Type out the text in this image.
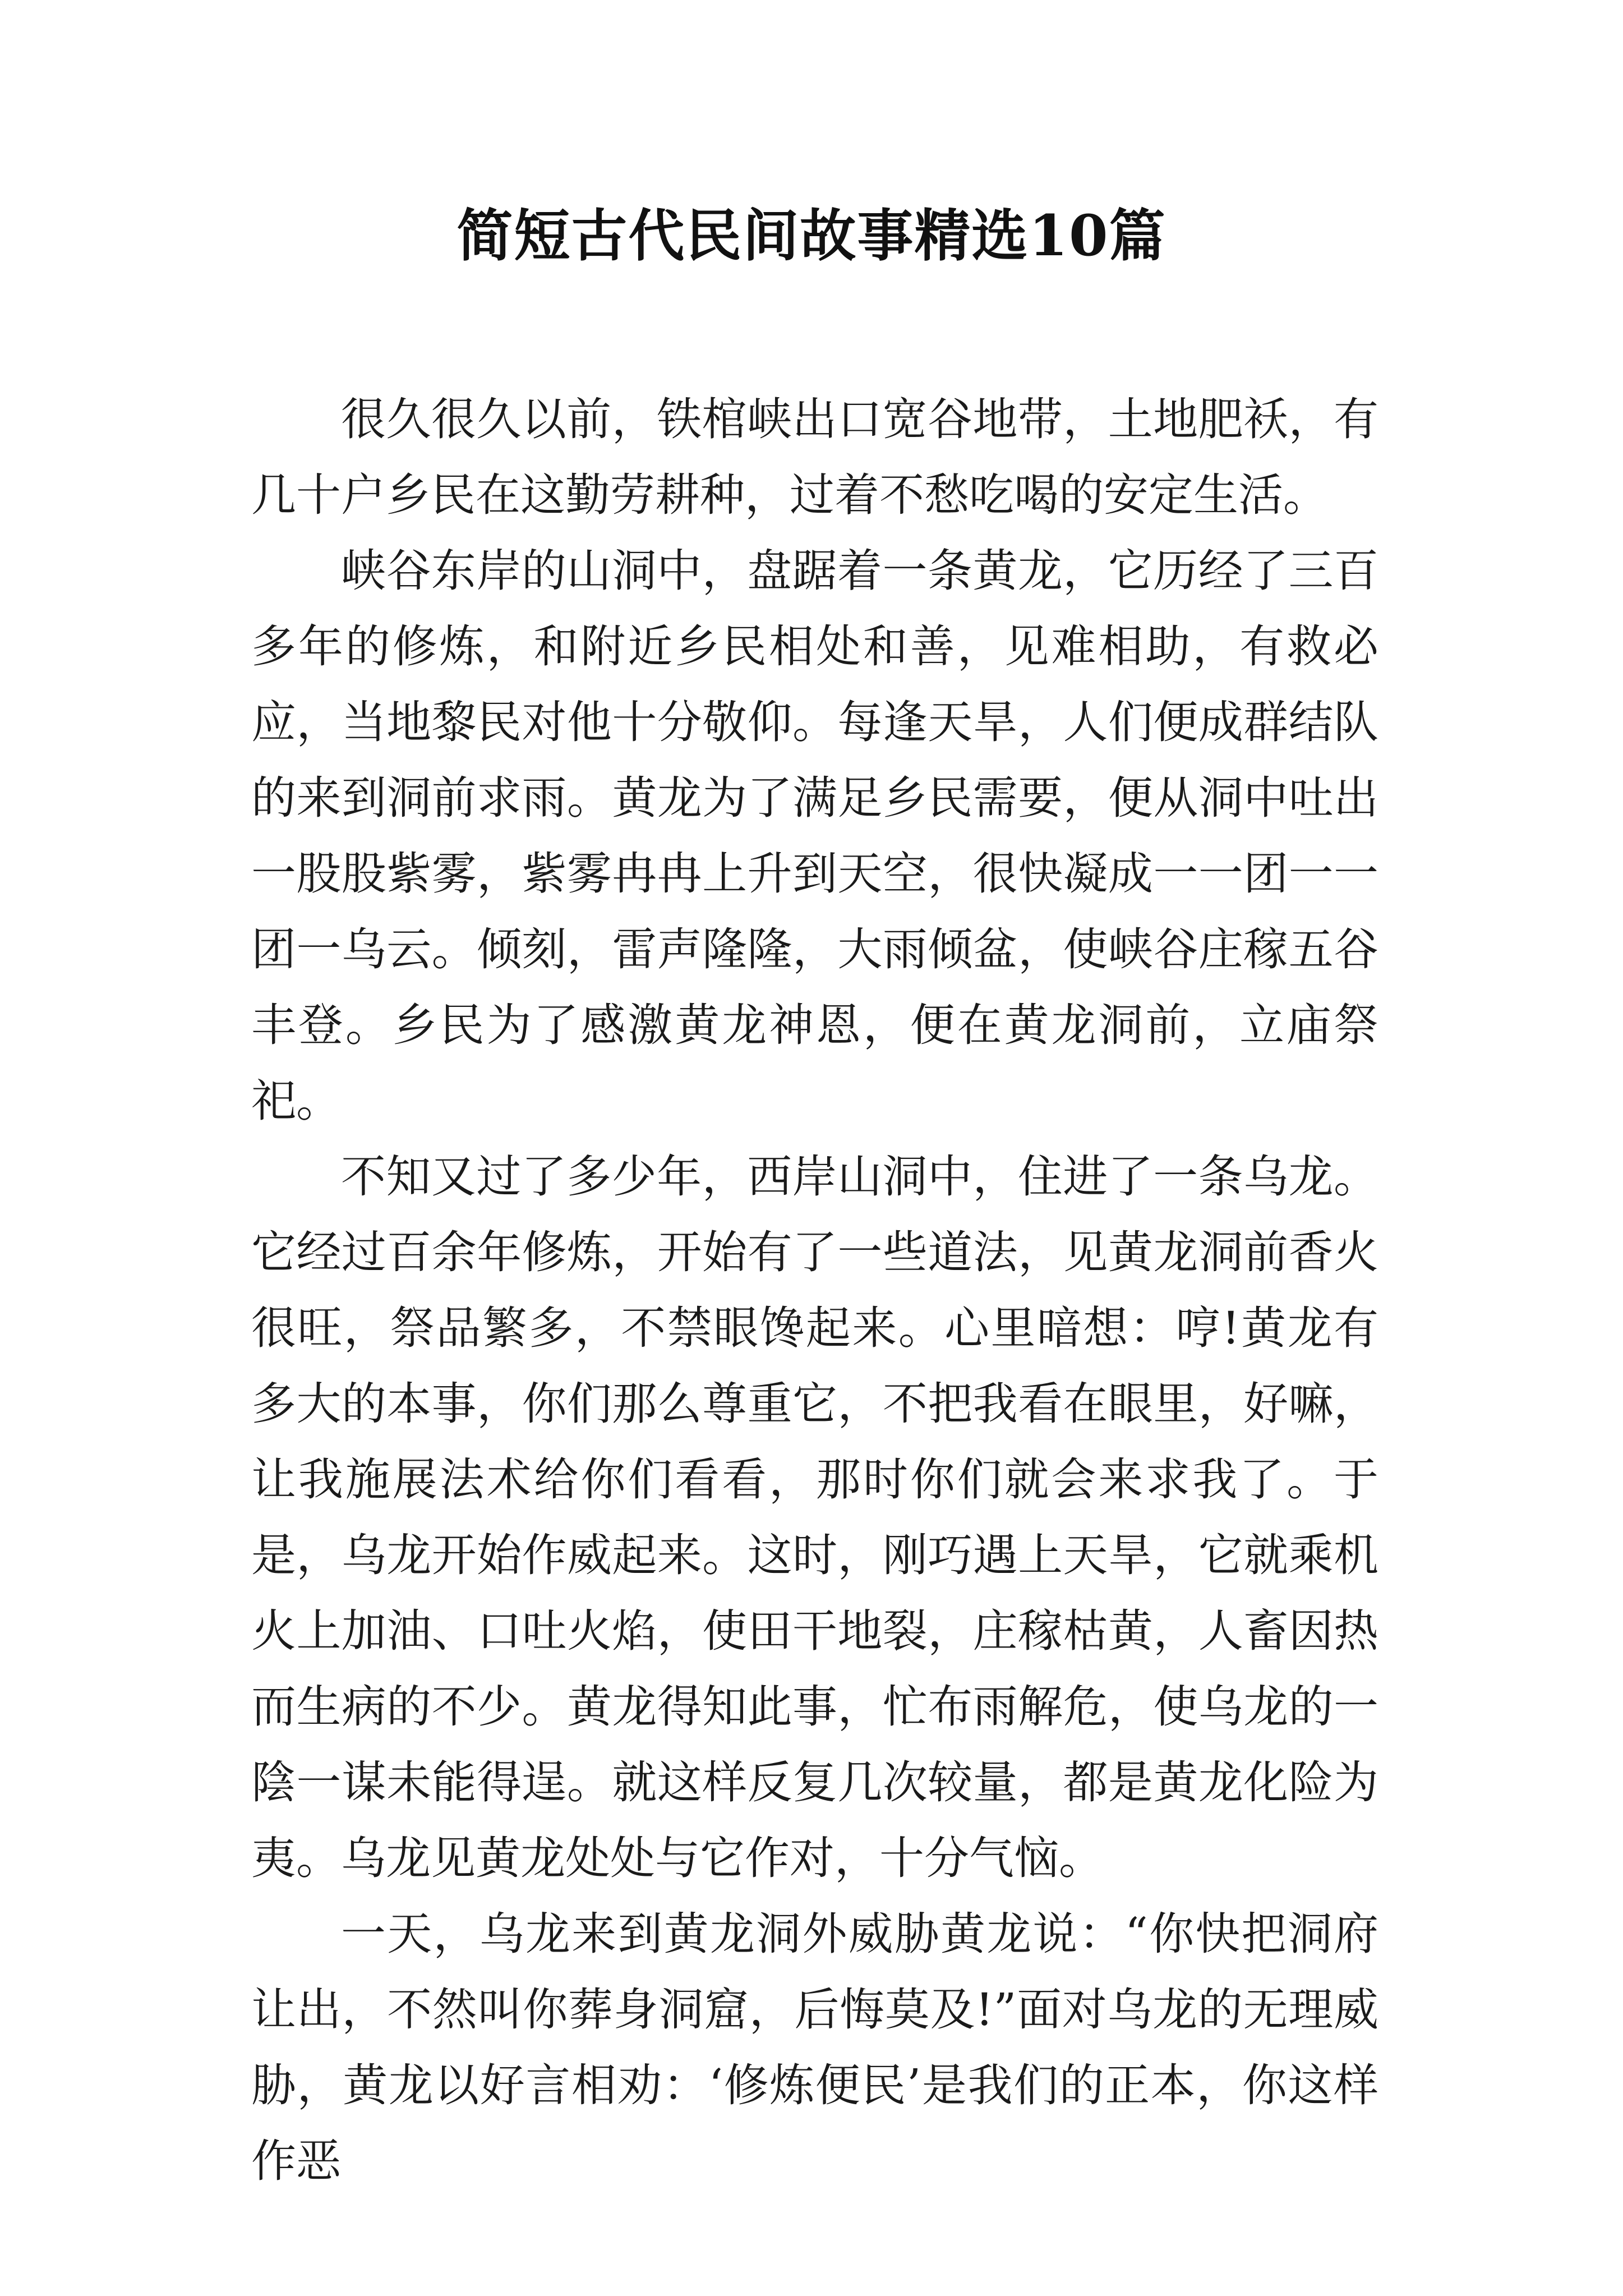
简短古代民间故事精选10篇

很久很久以前，铁棺峡出口宽谷地带，土地肥袄，有几十户乡民在这勤劳耕种，过着不愁吃喝的安定生活。

峡谷东岸的山洞中，盘踞着一条黄龙，它历经了三百多年的修炼，和附近乡民相处和善，见难相助，有救必应，当地黎民对他十分敬仰。每逢天旱，人们便成群结队的来到洞前求雨。黄龙为了满足乡民需要，便从洞中吐出一股股紫雾，紫雾冉冉上升到天空，很快凝成一一团一一团一乌云。倾刻，雷声隆隆，大雨倾盆，使峡谷庄稼五谷丰登。乡民为了感激黄龙神恩，便在黄龙洞前，立庙祭祀。

不知又过了多少年，西岸山洞中，住进了一条乌龙。它经过百余年修炼，开始有了一些道法，见黄龙洞前香火很旺，祭品繁多，不禁眼馋起来。心里暗想：哼!黄龙有多大的本事，你们那么尊重它，不把我看在眼里，好嘛，让我施展法术给你们看看，那时你们就会来求我了。于是，乌龙开始作威起来。这时，刚巧遇上天旱，它就乘机火上加油、口吐火焰，使田干地裂，庄稼枯黄，人畜因热而生病的不少。黄龙得知此事，忙布雨解危，使乌龙的一陰一谋未能得逞。就这样反复几次较量，都是黄龙化险为夷。乌龙见黄龙处处与它作对，十分气恼。

一天，乌龙来到黄龙洞外威胁黄龙说：“你快把洞府让出，不然叫你葬身洞窟，后悔莫及!”面对乌龙的无理威胁，黄龙以好言相劝：‘修炼便民’是我们的正本，你这样作恶
